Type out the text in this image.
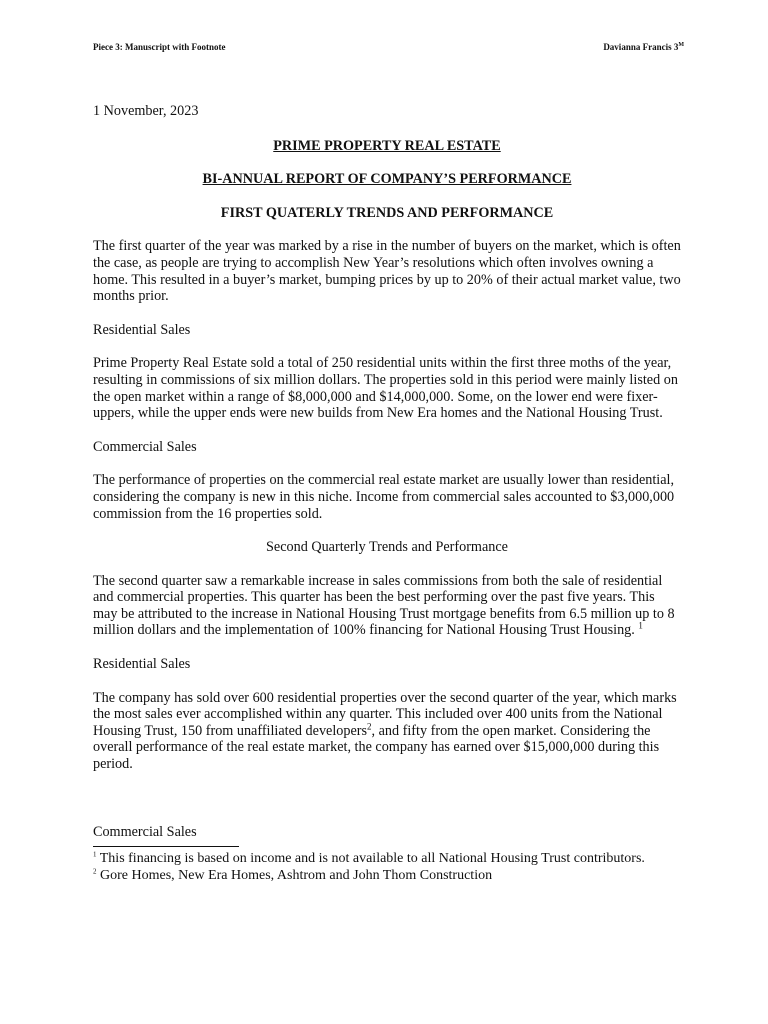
Piece 3: Manuscript with Footnote	Davianna Francis $3^M$

1 November, 2023

PRIME PROPERTY REAL ESTATE

BI-ANNUAL REPORT OF COMPANY’S PERFORMANCE

FIRST QUATERLY TRENDS AND PERFORMANCE

The first quarter of the year was marked by a rise in the number of buyers on the market, which is often the case, as people are trying to accomplish New Year’s resolutions which often involves owning a home. This resulted in a buyer’s market, bumping prices by up to 20% of their actual market value, two months prior.

Residential Sales

Prime Property Real Estate sold a total of 250 residential units within the first three moths of the year, resulting in commissions of six million dollars. The properties sold in this period were mainly listed on the open market within a range of $8,000,000 and $14,000,000. Some, on the lower end were fixer-uppers, while the upper ends were new builds from New Era homes and the National Housing Trust.

Commercial Sales

The performance of properties on the commercial real estate market are usually lower than residential, considering the company is new in this niche. Income from commercial sales accounted to $3,000,000 commission from the 16 properties sold.

Second Quarterly Trends and Performance

The second quarter saw a remarkable increase in sales commissions from both the sale of residential and commercial properties. This quarter has been the best performing over the past five years. This may be attributed to the increase in National Housing Trust mortgage benefits from 6.5 million up to 8 million dollars and the implementation of 100% financing for National Housing Trust Housing. $^1$

Residential Sales

The company has sold over 600 residential properties over the second quarter of the year, which marks the most sales ever accomplished within any quarter. This included over 400 units from the National Housing Trust, 150 from unaffiliated developers$^2$, and fifty from the open market. Considering the overall performance of the real estate market, the company has earned over $15,000,000 during this period.

Commercial Sales

$^1$ This financing is based on income and is not available to all National Housing Trust contributors.

$^2$ Gore Homes, New Era Homes, Ashtrom and John Thom Construction
